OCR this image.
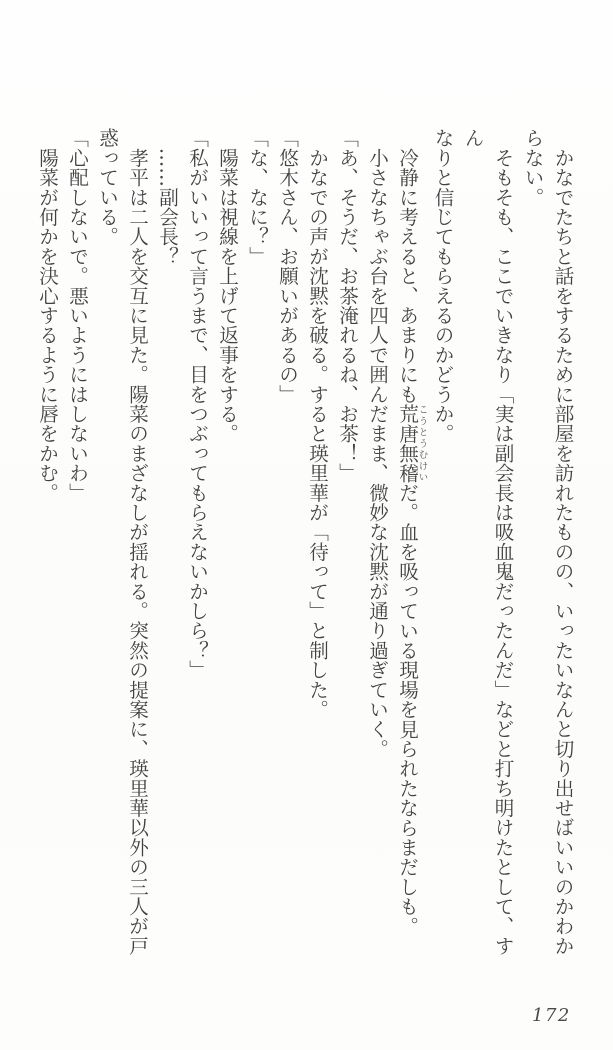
　かなでたちと話をするために部屋を訪れたものの、いったいなんと切り出せばいいのかわか

らない。

　そもそも、ここでいきなり「実は副会長は吸血鬼だったんだ」などと打ち明けたとして、すん

なりと信じてもらえるのかどうか。

　冷静に考えると、あまりにも荒唐無稽こうとうむけいだ。血を吸っている現場を見られたならまだしも。

　小さなちゃぶ台を四人で囲んだまま、微妙な沈黙が通り過ぎていく。

「あ、そうだ、お茶淹れるね、お茶！」

　かなでの声が沈黙を破る。すると瑛里華が「待って」と制した。

「悠木さん、お願いがあるの」

「な、なに？」

　陽菜は視線を上げて返事をする。

「私がいいって言うまで、目をつぶってもらえないかしら？」

　……副会長？

　孝平は二人を交互に見た。陽菜のまざなしが揺れる。突然の提案に、瑛里華以外の三人が戸

惑っている。

「心配しないで。悪いようにはしないわ」

　陽菜が何かを決心するように唇をかむ。

172
